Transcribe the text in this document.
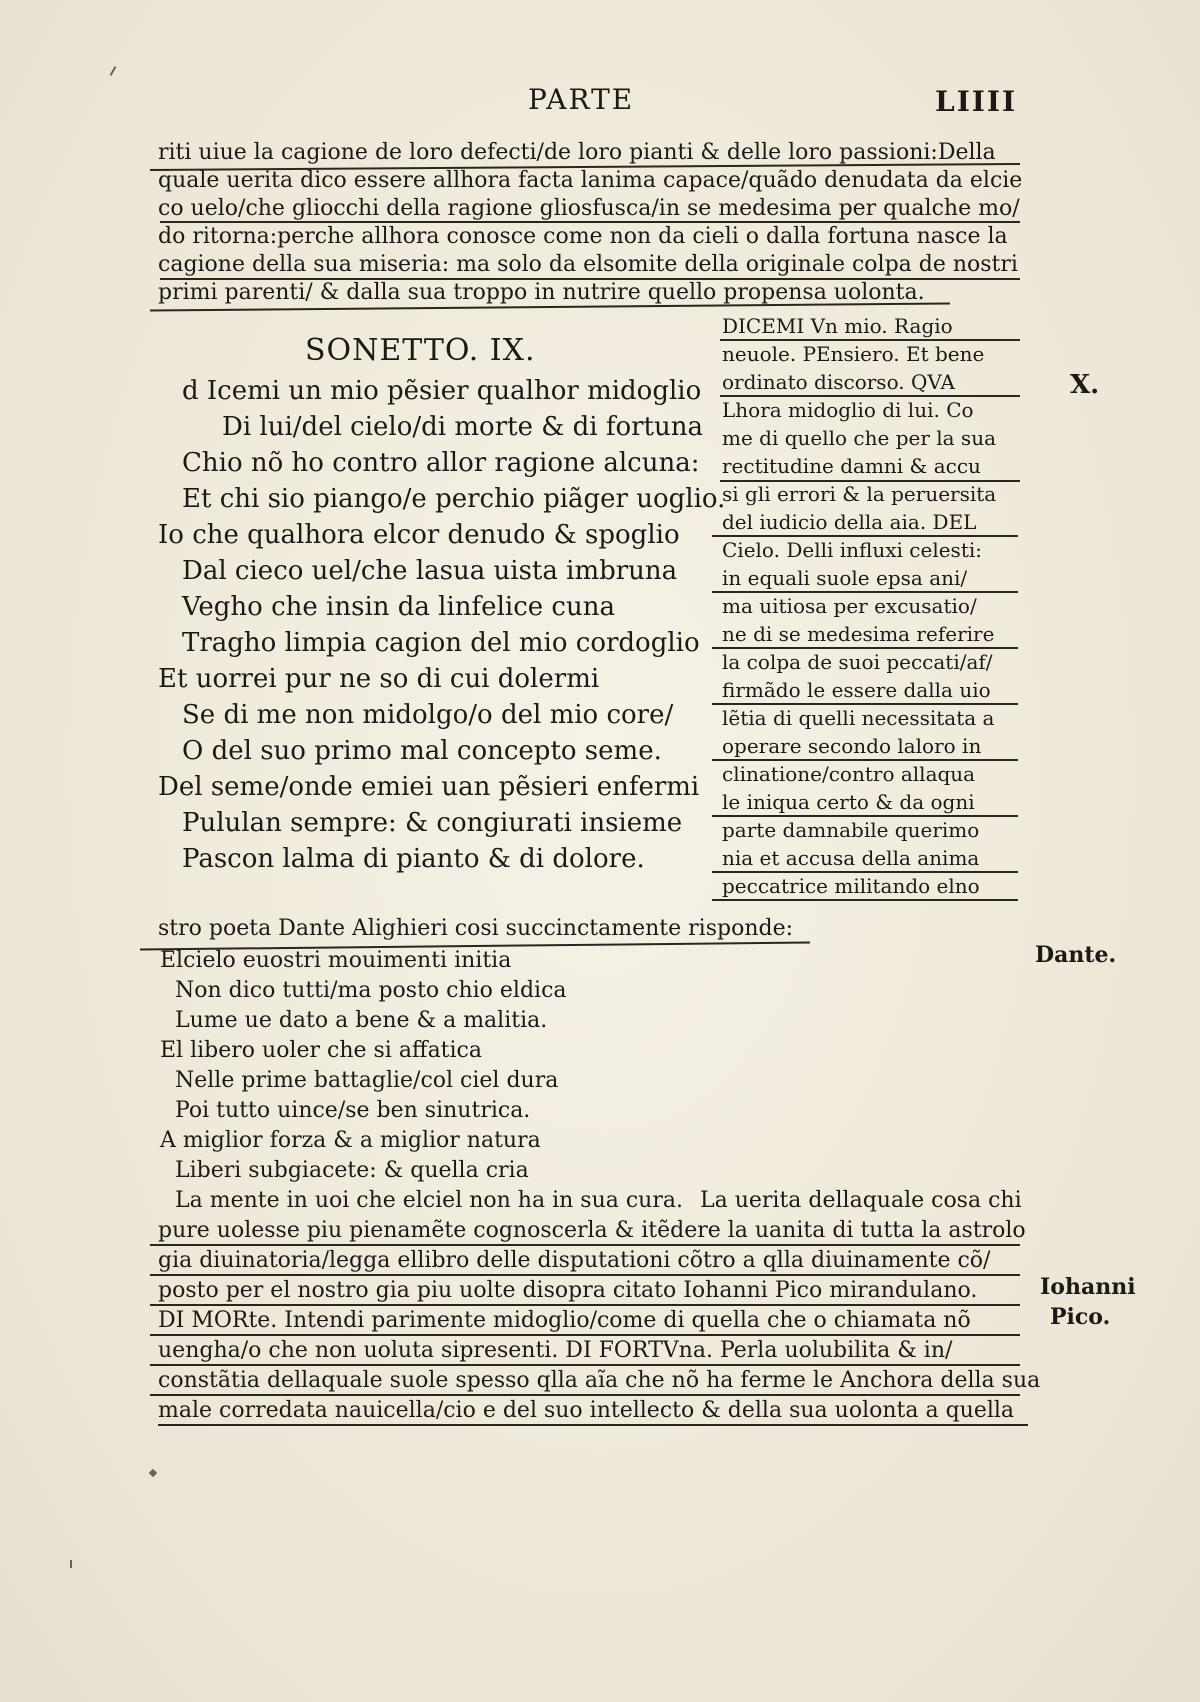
PARTE	LIIII
riti uiue la cagione de loro defecti/de loro pianti & delle loro passioni:Della
quale uerita dico essere allhora facta lanima capace/quãdo denudata da elcie
co uelo/che gliocchi della ragione gliosfusca/in se medesima per qualche mo/
do ritorna:perche allhora conosce come non da cieli o dalla fortuna nasce la
cagione della sua miseria: ma solo da elsomite della originale colpa de nostri
primi parenti/ & dalla sua troppo in nutrire quello propensa uolonta.
SONETTO. IX.
X.
d Icemi un mio pẽsier qualhor midoglio
Di lui/del cielo/di morte & di fortuna
Chio nõ ho contro allor ragione alcuna:
Et chi sio piango/e perchio piãger uoglio.
Io che qualhora elcor denudo & spoglio
Dal cieco uel/che lasua uista imbruna
Vegho che insin da linfelice cuna
Tragho limpia cagion del mio cordoglio
Et uorrei pur ne so di cui dolermi
Se di me non midolgo/o del mio core/
O del suo primo mal concepto seme.
Del seme/onde emiei uan pẽsieri enfermi
Pululan sempre: & congiurati insieme
Pascon lalma di pianto & di dolore.
DICEMI Vn mio. Ragio
neuole. PEnsiero. Et bene
ordinato discorso. QVA
Lhora midoglio di lui. Co
me di quello che per la sua
rectitudine damni & accu
si gli errori & la peruersita
del iudicio della aia. DEL
Cielo. Delli influxi celesti:
in equali suole epsa ani/
ma uitiosa per excusatio/
ne di se medesima referire
la colpa de suoi peccati/af/
firmãdo le essere dalla uio
lẽtia di quelli necessitata a
operare secondo laloro in
clinatione/contro allaqua
le iniqua certo & da ogni
parte damnabile querimo
nia et accusa della anima
peccatrice militando elno
stro poeta Dante Alighieri cosi succinctamente risponde:
Dante.
Elcielo euostri mouimenti initia
Non dico tutti/ma posto chio eldica
Lume ue dato a bene & a malitia.
El libero uoler che si affatica
Nelle prime battaglie/col ciel dura
Poi tutto uince/se ben sinutrica.
A miglior forza & a miglior natura
Liberi subgiacete: & quella cria
La mente in uoi che elciel non ha in sua cura. La uerita dellaquale cosa chi
pure uolesse piu pienamẽte cognoscerla & itẽdere la uanita di tutta la astrolo
gia diuinatoria/legga ellibro delle disputationi cõtro a qlla diuinamente cõ/
posto per el nostro gia piu uolte disopra citato Iohanni Pico mirandulano.
DI MORte. Intendi parimente midoglio/come di quella che o chiamata nõ
uengha/o che non uoluta sipresenti. DI FORTVna. Perla uolubilita & in/
constãtia dellaquale suole spesso qlla aĩa che nõ ha ferme le Anchora della sua
male corredata nauicella/cio e del suo intellecto & della sua uolonta a quella
Iohanni
Pico.
